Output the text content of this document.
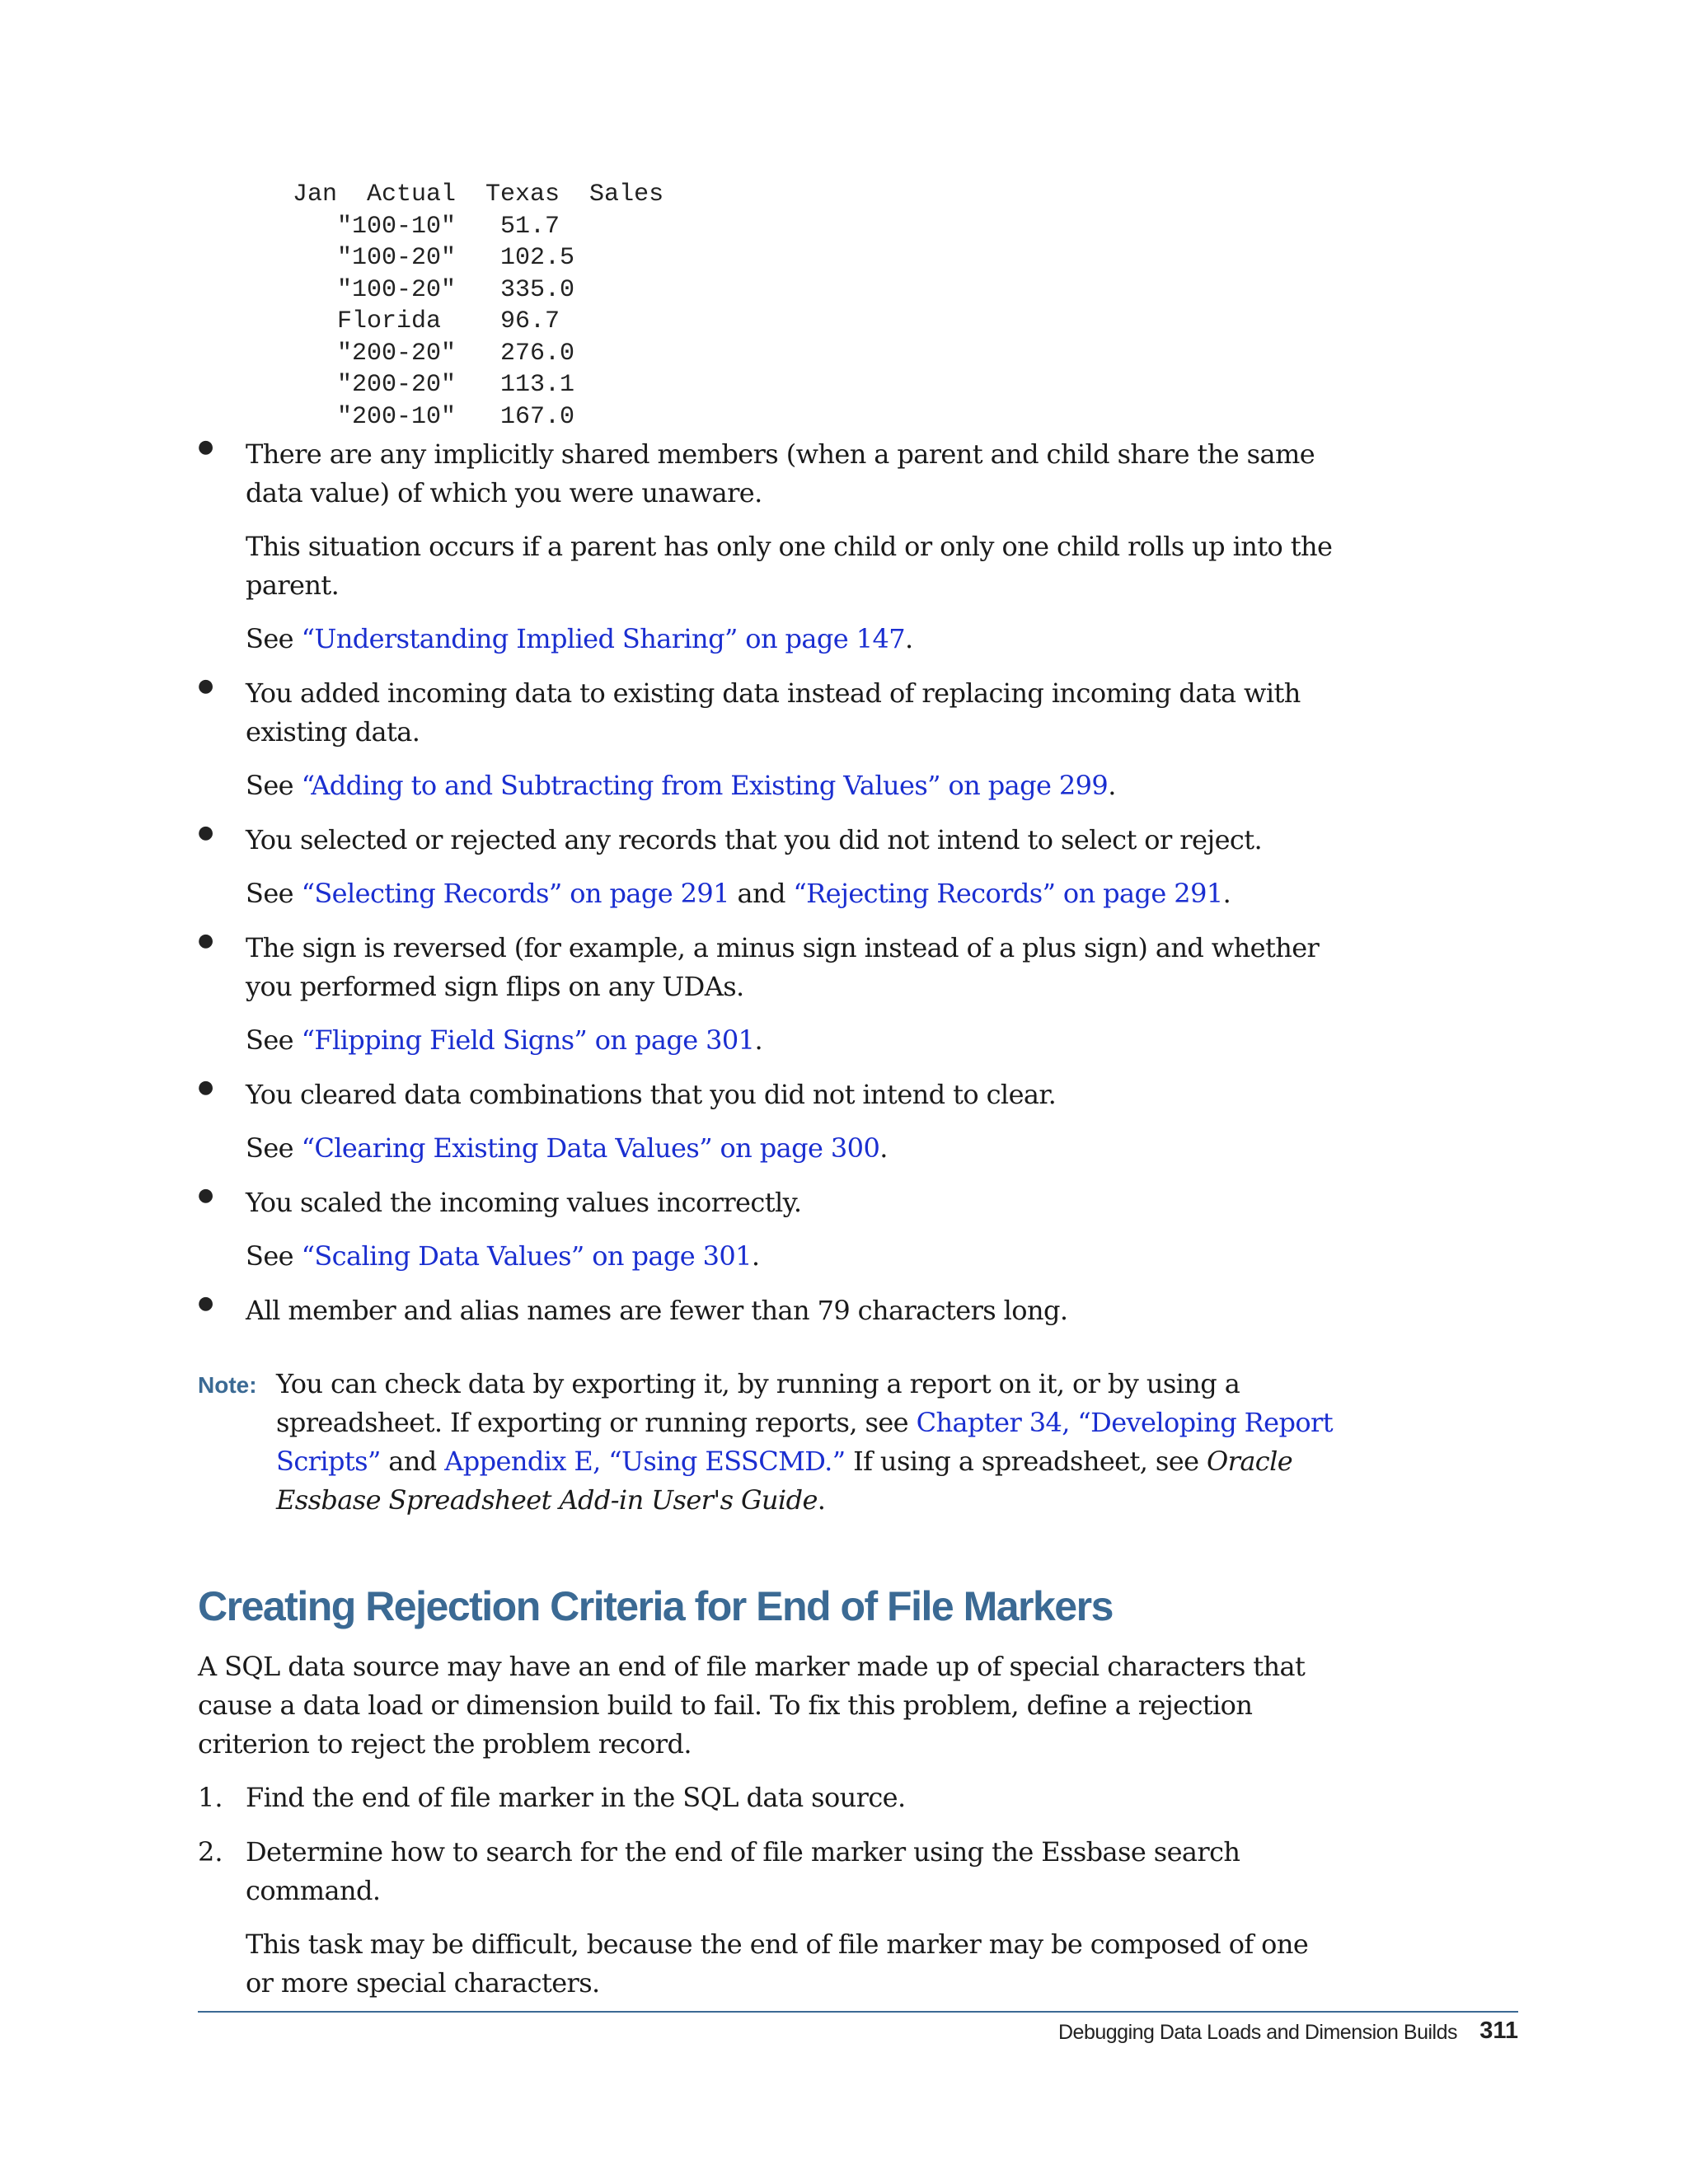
Jan  Actual  Texas  Sales
"100-10"   51.7
"100-20"   102.5
"100-20"   335.0
Florida    96.7
"200-20"   276.0
"200-20"   113.1
"200-10"   167.0

● There are any implicitly shared members (when a parent and child share the same data value) of which you were unaware.

This situation occurs if a parent has only one child or only one child rolls up into the parent.

See “Understanding Implied Sharing” on page 147.

● You added incoming data to existing data instead of replacing incoming data with existing data.

See “Adding to and Subtracting from Existing Values” on page 299.

● You selected or rejected any records that you did not intend to select or reject.

See “Selecting Records” on page 291 and “Rejecting Records” on page 291.

● The sign is reversed (for example, a minus sign instead of a plus sign) and whether you performed sign flips on any UDAs.

See “Flipping Field Signs” on page 301.

● You cleared data combinations that you did not intend to clear.

See “Clearing Existing Data Values” on page 300.

● You scaled the incoming values incorrectly.

See “Scaling Data Values” on page 301.

● All member and alias names are fewer than 79 characters long.

Note: You can check data by exporting it, by running a report on it, or by using a spreadsheet. If exporting or running reports, see Chapter 34, “Developing Report Scripts” and Appendix E, “Using ESSCMD.” If using a spreadsheet, see Oracle Essbase Spreadsheet Add-in User's Guide.

Creating Rejection Criteria for End of File Markers

A SQL data source may have an end of file marker made up of special characters that cause a data load or dimension build to fail. To fix this problem, define a rejection criterion to reject the problem record.

1. Find the end of file marker in the SQL data source.

2. Determine how to search for the end of file marker using the Essbase search command.

This task may be difficult, because the end of file marker may be composed of one or more special characters.

Debugging Data Loads and Dimension Builds 311
